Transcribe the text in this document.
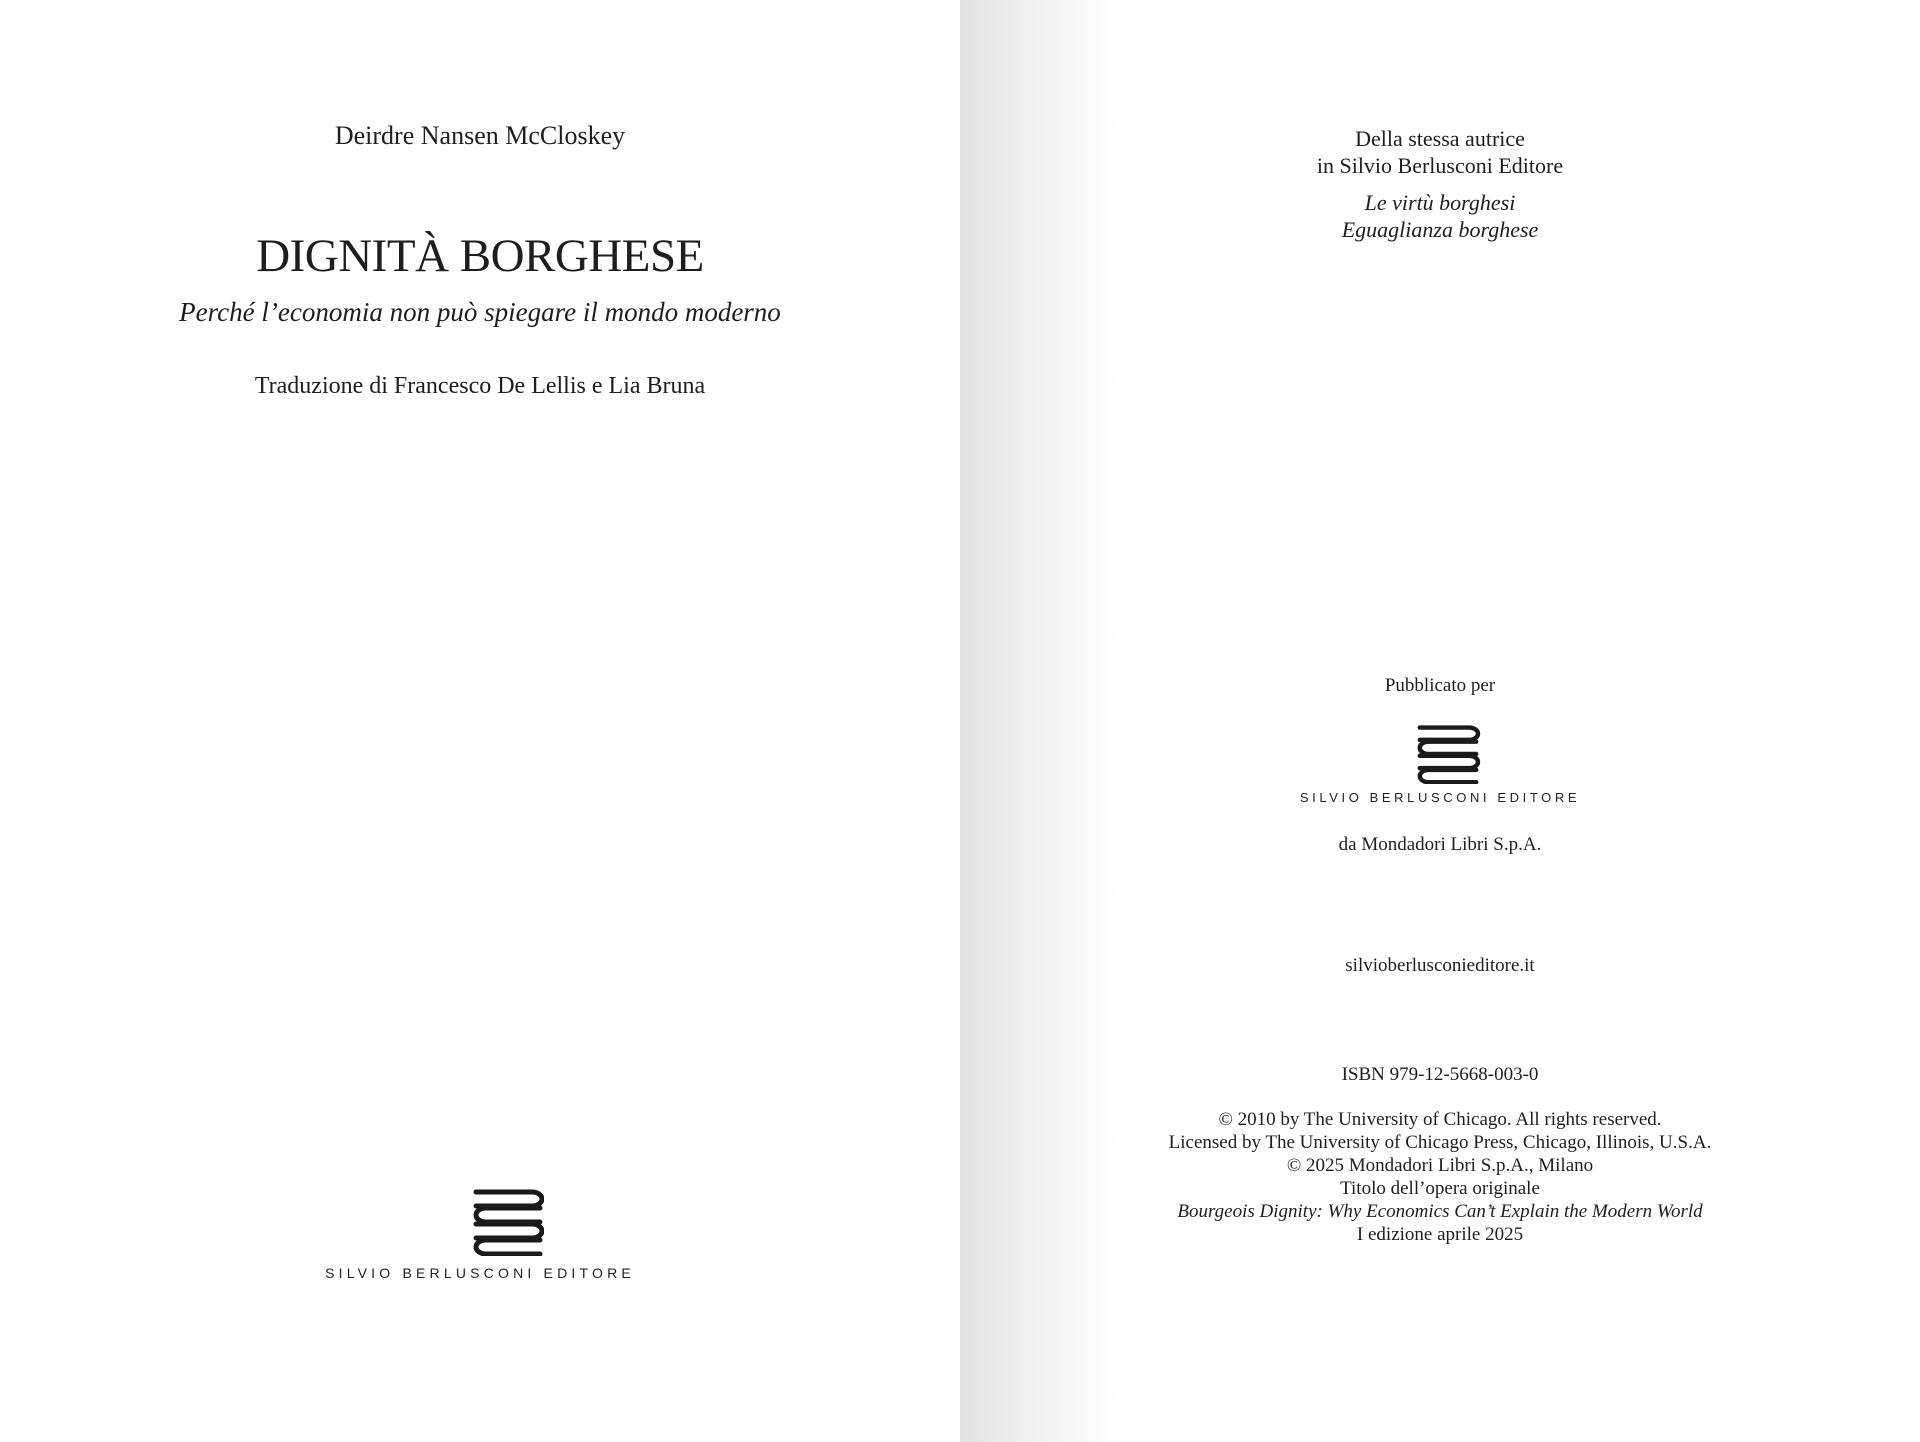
Deirdre Nansen McCloskey
DIGNITÀ BORGHESE
Perché l’economia non può spiegare il mondo moderno
Traduzione di Francesco De Lellis e Lia Bruna
SILVIO BERLUSCONI EDITORE
Della stessa autrice
in Silvio Berlusconi Editore
Le virtù borghesi
Eguaglianza borghese
Pubblicato per
SILVIO BERLUSCONI EDITORE
da Mondadori Libri S.p.A.
silvioberlusconieditore.it
ISBN 979-12-5668-003-0
© 2010 by The University of Chicago. All rights reserved.
Licensed by The University of Chicago Press, Chicago, Illinois, U.S.A.
© 2025 Mondadori Libri S.p.A., Milano
Titolo dell’opera originale
Bourgeois Dignity: Why Economics Can’t Explain the Modern World
I edizione aprile 2025
